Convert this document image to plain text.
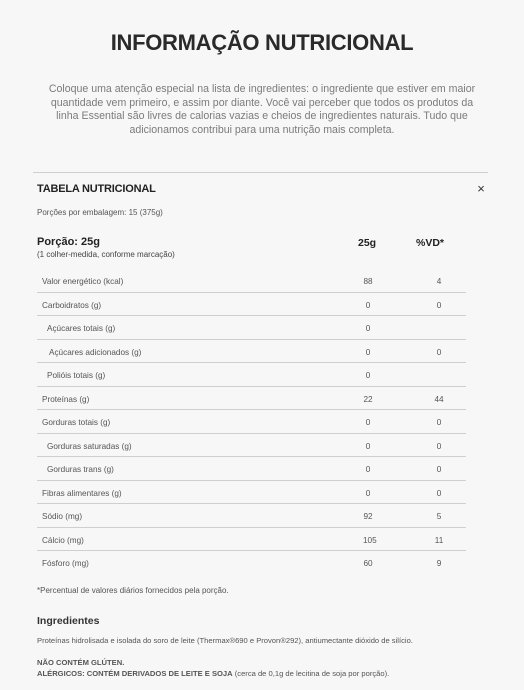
INFORMAÇÃO NUTRICIONAL
Coloque uma atenção especial na lista de ingredientes: o ingrediente que estiver em maior
quantidade vem primeiro, e assim por diante. Você vai perceber que todos os produtos da
linha Essential são livres de calorias vazias e cheios de ingredientes naturais. Tudo que
adicionamos contribui para uma nutrição mais completa.
TABELA NUTRICIONAL	×
Porções por embalagem: 15 (375g)
Porção: 25g
(1 colher-medida, conforme marcação)
25g	%VD*
Valor energético (kcal)	88	4
Carboidratos (g)	0	0
Açúcares totais (g)	0
Açúcares adicionados (g)	0	0
Polióis totais (g)	0
Proteínas (g)	22	44
Gorduras totais (g)	0	0
Gorduras saturadas (g)	0	0
Gorduras trans (g)	0	0
Fibras alimentares (g)	0	0
Sódio (mg)	92	5
Cálcio (mg)	105	11
Fósforo (mg)	60	9
*Percentual de valores diários fornecidos pela porção.
Ingredientes
Proteínas hidrolisada e isolada do soro de leite (Thermax®690 e Provon®292), antiumectante dióxido de silício.
NÃO CONTÉM GLÚTEN.
ALÉRGICOS: CONTÉM DERIVADOS DE LEITE E SOJA (cerca de 0,1g de lecitina de soja por porção).
